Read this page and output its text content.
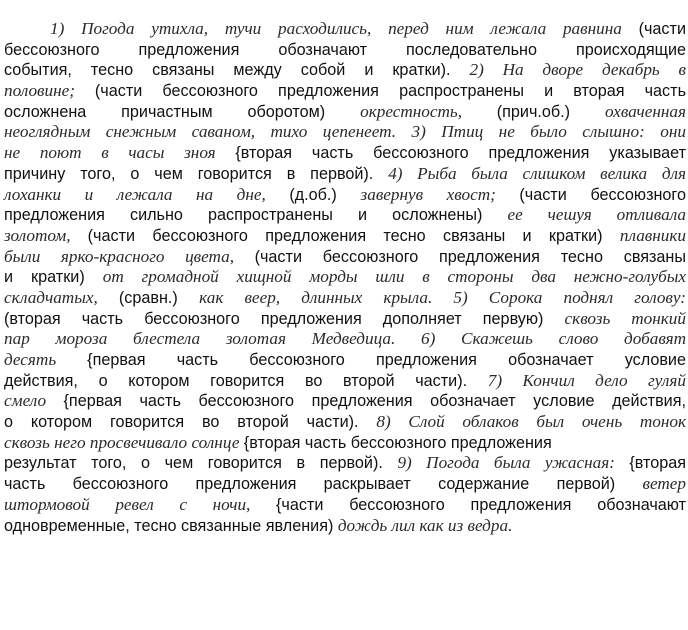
1) Погода утихла, тучи расходились, перед ним лежала равнина (части
бессоюзного предложения обозначают последовательно происходящие
события, тесно связаны между собой и кратки). 2) На дворе декабрь в
половине; (части бессоюзного предложения распространены и вторая часть
осложнена причастным оборотом) окрестность, (прич.об.) охваченная
неоглядным снежным саваном, тихо цепенеет. 3) Птиц не было слышно: они
не поют в часы зноя {вторая часть бессоюзного предложения указывает
причину того, о чем говорится в первой). 4) Рыба была слишком велика для
лоханки и лежала на дне, (д.об.) завернув хвост; (части бессоюзного
предложения сильно распространены и осложнены) ее чешуя отливала
золотом, (части бессоюзного предложения тесно связаны и кратки) плавники
были ярко-красного цвета, (части бессоюзного предложения тесно связаны
и кратки) от громадной хищной морды шли в стороны два нежно-голубых
складчатых, (сравн.) как веер, длинных крыла. 5) Сорока поднял голову:
(вторая часть бессоюзного предложения дополняет первую) сквозь тонкий
пар мороза блестела золотая Медведица. 6) Скажешь слово добавят
десять {первая часть бессоюзного предложения обозначает условие
действия, о котором говорится во второй части). 7) Кончил дело гуляй
смело {первая часть бессоюзного предложения обозначает условие действия,
о котором говорится во второй части). 8) Слой облаков был очень тонок
сквозь него просвечивало солнце {вторая часть бессоюзного предложения
результат того, о чем говорится в первой). 9) Погода была ужасная: {вторая
часть бессоюзного предложения раскрывает содержание первой) ветер
штормовой ревел с ночи, {части бессоюзного предложения обозначают
одновременные, тесно связанные явления) дождь лил как из ведра.
